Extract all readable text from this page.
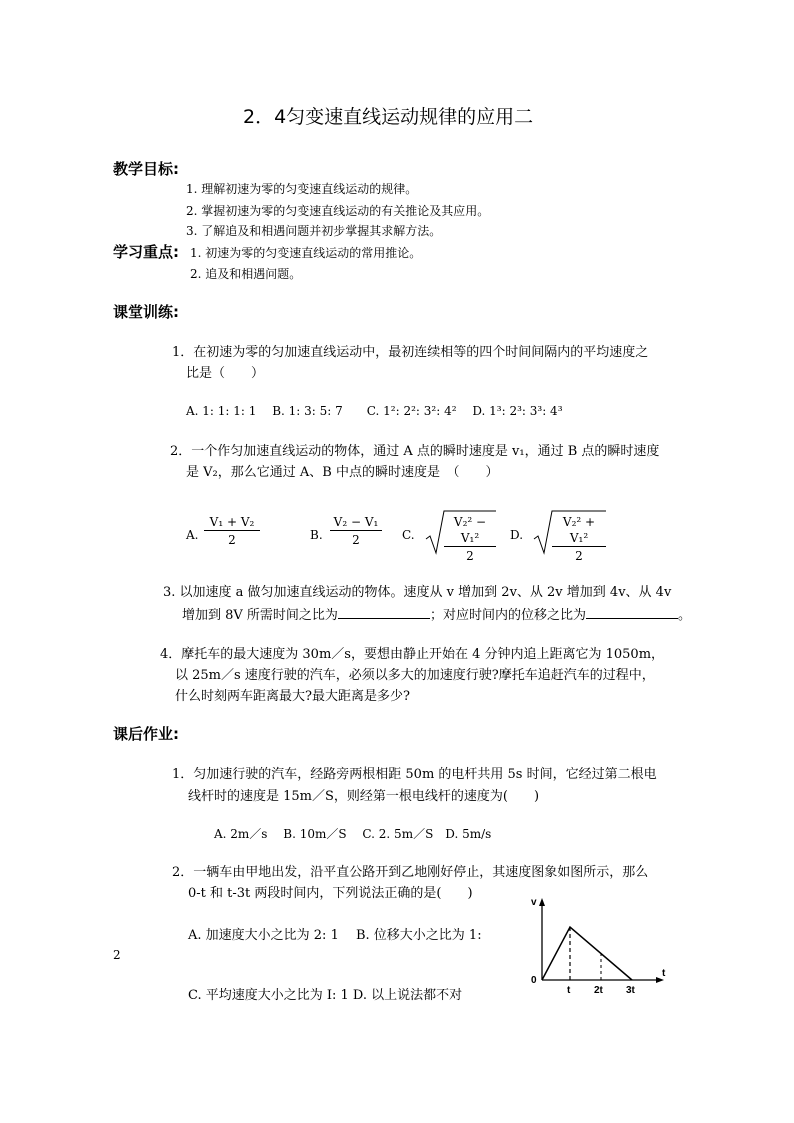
2．4匀变速直线运动规律的应用二
教学目标:
1. 理解初速为零的匀变速直线运动的规律。
2. 掌握初速为零的匀变速直线运动的有关推论及其应用。
3. 了解追及和相遇问题并初步掌握其求解方法。
学习重点: 1. 初速为零的匀变速直线运动的常用推论。
2. 追及和相遇问题。
课堂训练:
1．在初速为零的匀加速直线运动中，最初连续相等的四个时间间隔内的平均速度之
比是（　　）
A. 1: 1: 1: 1　 B. 1: 3: 5: 7　　C. 1²: 2²: 3²: 4²　 D. 1³: 2³: 3³: 4³
2．一个作匀加速直线运动的物体，通过 A 点的瞬时速度是 v₁，通过 B 点的瞬时速度
是 V₂，那么它通过 A、B 中点的瞬时速度是　（　　）
A. $\frac{\text{V₁ + V₂}}{2}$	B. $\frac{\text{V₂ − V₁}}{2} C$. $\frac{\text{V₂² − V₁²}}{2} D$. $\frac{\text{V₂² + V₁²}}{2}$
3. 以加速度 a 做匀加速直线运动的物体。速度从 v 增加到 2v、从 2v 增加到 4v、从 4v
增加到 8V 所需时间之比为	；对应时间内的位移之比为	。
4．摩托车的最大速度为 30m／s，要想由静止开始在 4 分钟内追上距离它为 1050m，
以 25m／s 速度行驶的汽车，必须以多大的加速度行驶?摩托车追赶汽车的过程中，
什么时刻两车距离最大?最大距离是多少?
课后作业:
1．匀加速行驶的汽车，经路旁两根相距 50m 的电杆共用 5s 时间，它经过第二根电
线杆时的速度是 15m／S，则经第一根电线杆的速度为(　　)
A. 2m／s　 B. 10m／S　 C. 2. 5m／S　D. 5m/s
2．一辆车由甲地出发，沿平直公路开到乙地刚好停止，其速度图象如图所示，那么
0-t 和 t-3t 两段时间内，下列说法正确的是(　　)
A. 加速度大小之比为 2: 1　 B. 位移大小之比为 1:
2
C. 平均速度大小之比为 I: 1 D. 以上说法都不对
v
t
0
t 2t 3t
